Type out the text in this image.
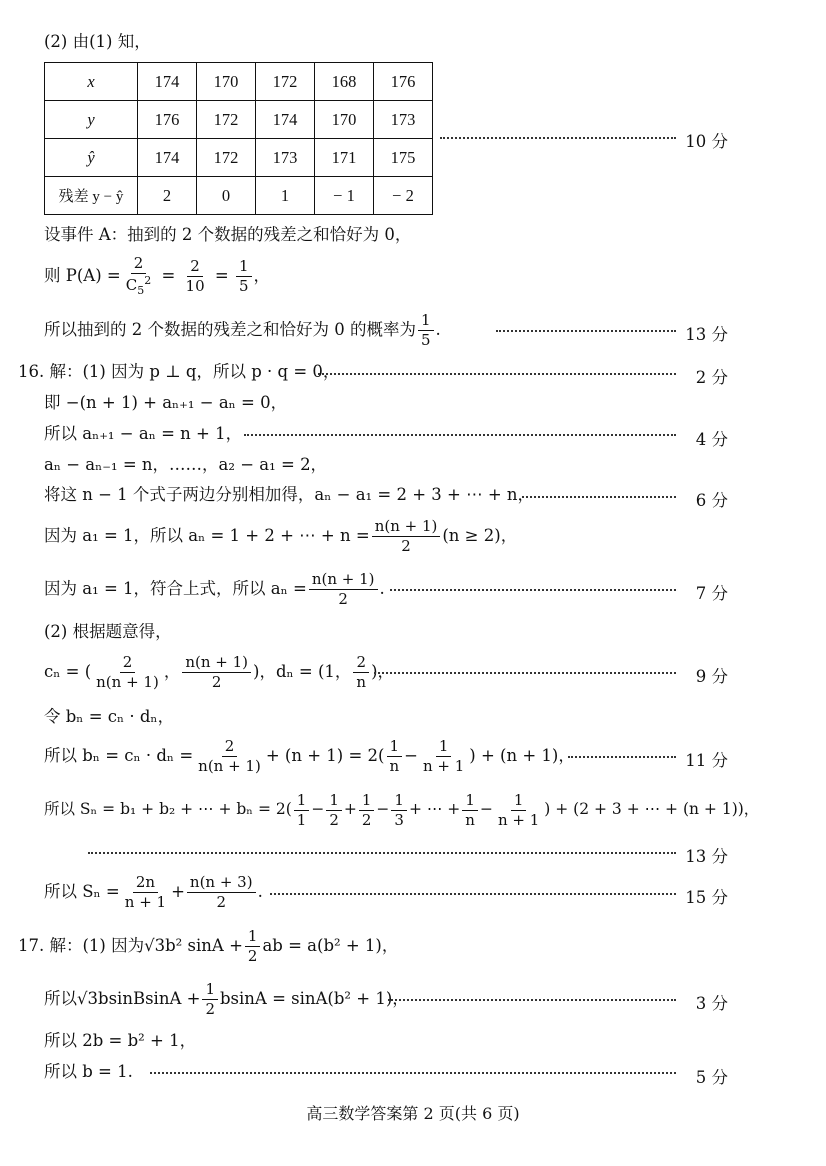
(2) 由(1) 知，
x	174	170	172	168	176
y	176	172	174	170	173
ŷ	174	172	173	171	175
残差 y − ŷ	2	0	1	− 1	− 2
10 分
设事件 A：抽到的 2 个数据的残差之和恰好为 0，
则 $P(A) = \frac{2}{C_5^2} = \frac{2}{10} = \frac{1}{5}$ ，
所以抽到的 2 个数据的残差之和恰好为 0 的概率为 $\frac{1}{5}$ .	13 分
16. 解：(1) 因为 p ⊥ q，所以 p · q = 0，	2 分
即 −(n + 1) + aₙ₊₁ − aₙ = 0，
所以 aₙ₊₁ − aₙ = n + 1，	4 分
aₙ − aₙ₋₁ = n，……，a₂ − a₁ = 2，
将这 n − 1 个式子两边分别相加得，aₙ − a₁ = 2 + 3 + ⋯ + n，	6 分
因为 a₁ = 1，所以 aₙ = 1 + 2 + ⋯ + $n = \frac{n(n + 1)}{2} (n \ge 2)$，
因为 a₁ = 1，符合上式，所以 $a_n = \frac{n(n + 1)}{2}$ .	7 分
(2) 根据题意得，
cₙ = ( $\frac{2}{n(n + 1)}$ ， $\frac{n(n + 1)}{2}$ )，dₙ = (1， $\frac{2}{n}$ )，	9 分
令 bₙ = cₙ · dₙ，
所以 $b_n = c_n \cdot d_n = \frac{2}{n(n + 1)} + (n + 1) = 2( \frac{1}{n} - \frac{1}{n + 1}$ ) + (n + 1)，	11 分
所以 Sₙ = b₁ + b₂ + ⋯ + $b_n = 2( \frac{1}{1} - \frac{1}{2} + \frac{1}{2} - \frac{1}{3}$ + ⋯ + $\frac{1}{n} - \frac{1}{n + 1}$ ) + (2 + 3 + ⋯ + (n + 1))，
13 分
所以 $S_n = \frac{2n}{n + 1} + \frac{n(n + 3)}{2}$ .	15 分
17. 解：(1) 因为√3b² $\sin A + \frac{1}{2}$ ab = a(b² + 1)，
所以√3bsinBsinA + $\frac{1}{2}$ bsinA = sinA(b² + 1)，	3 分
所以 2b = b² + 1，
所以 b = 1.	5 分
高三数学答案第 2 页(共 6 页)
